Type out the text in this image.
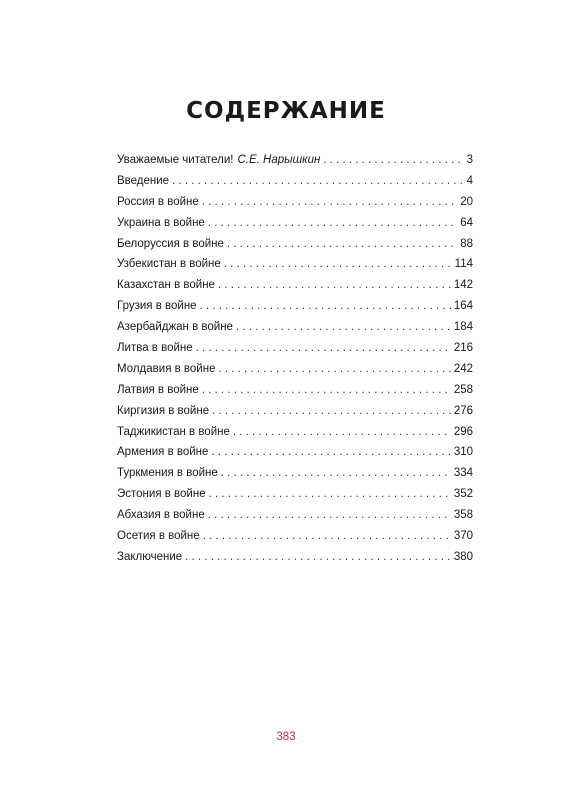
СОДЕРЖАНИЕ
Уважаемые читатели! С.Е. Нарышкин . . .	3
Введение . . .	4
Россия в войне . . .	20
Украина в войне . . .	64
Белоруссия в войне . . .	88
Узбекистан в войне . . .	114
Казахстан в войне . . .	142
Грузия в войне . . .	164
Азербайджан в войне . . .	184
Литва в войне . . .	216
Молдавия в войне . . .	242
Латвия в войне . . .	258
Киргизия в войне . . .	276
Таджикистан в войне . . .	296
Армения в войне . . .	310
Туркмения в войне . . .	334
Эстония в войне . . .	352
Абхазия в войне . . .	358
Осетия в войне . . .	370
Заключение . . .	380
383
